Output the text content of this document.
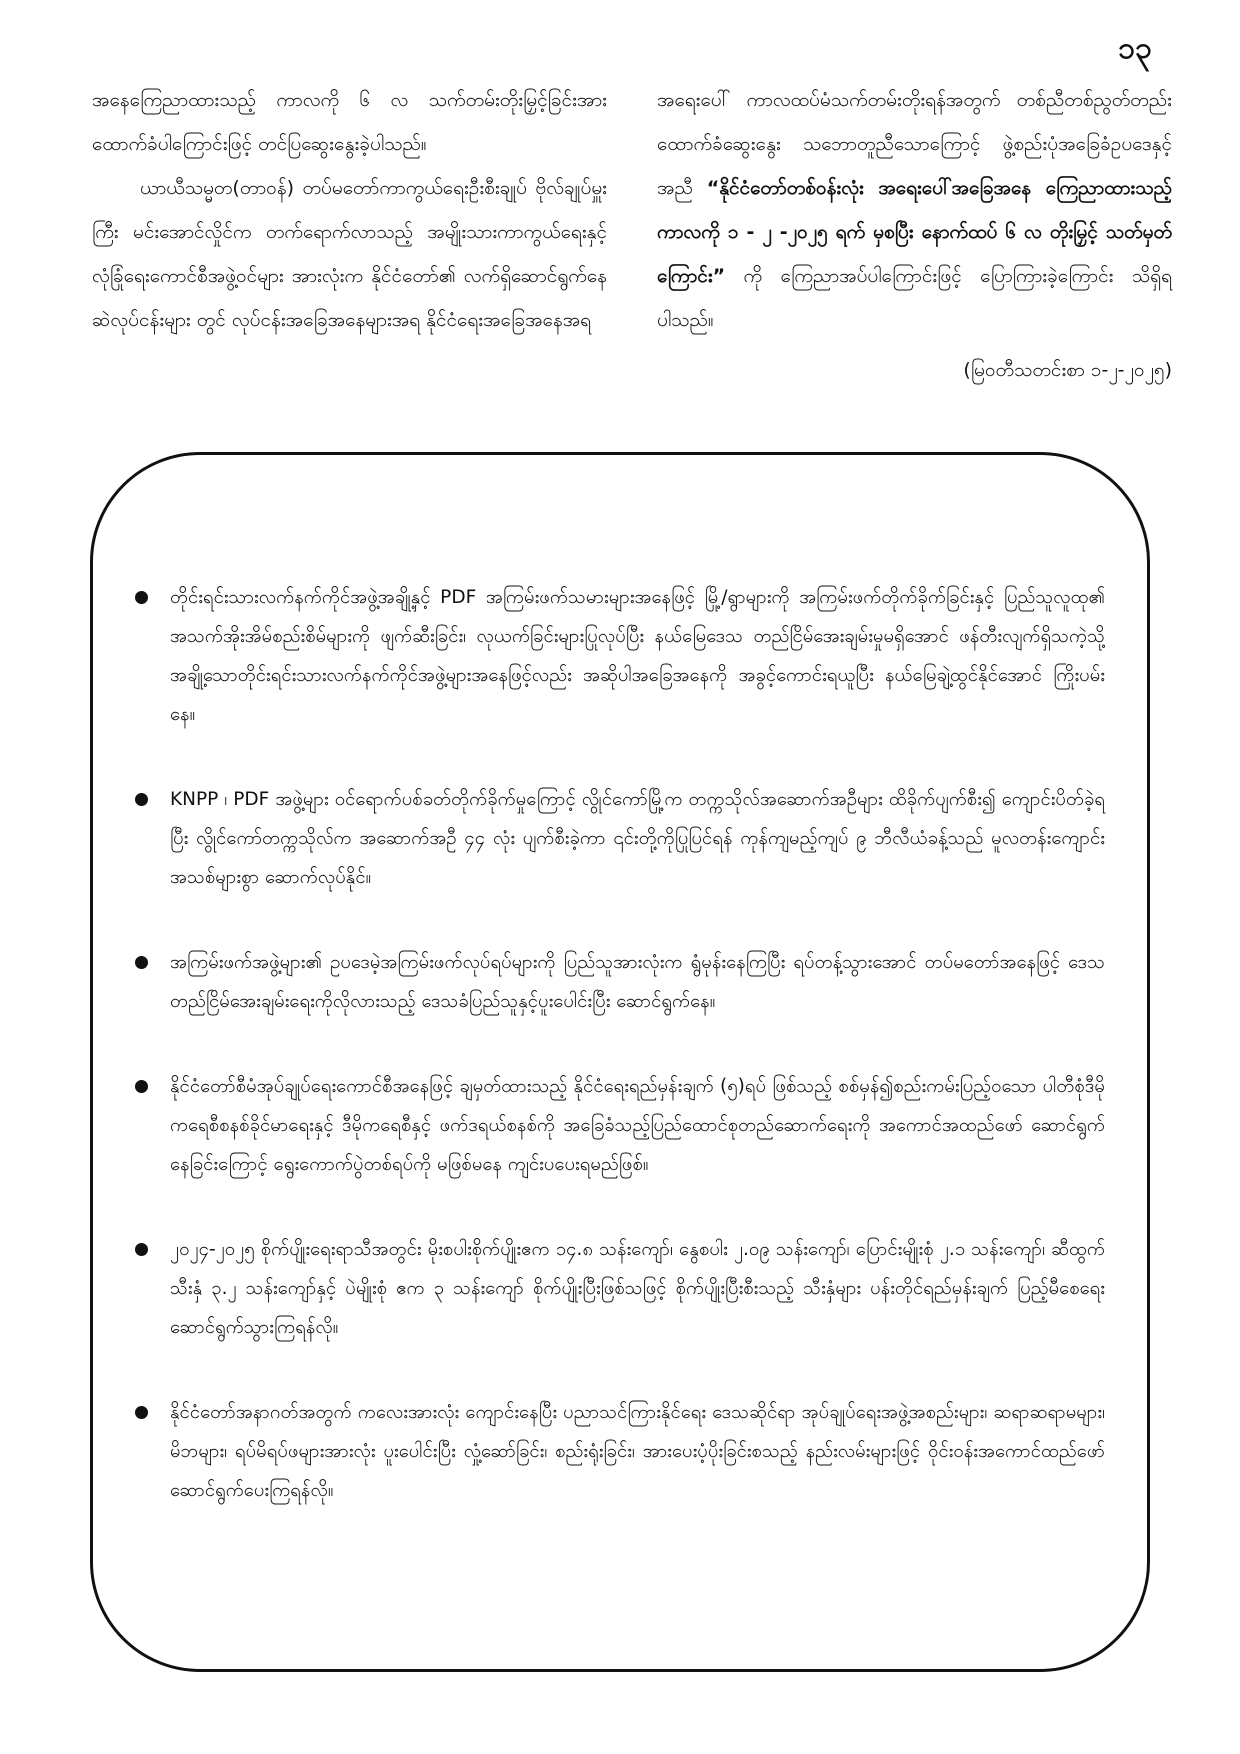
၁၃

အနေကြေညာထားသည့် ကာလကို ၆ လ သက်တမ်းတိုးမြှင့်ခြင်းအား ထောက်ခံပါကြောင်းဖြင့် တင်ပြဆွေးနွေးခဲ့ပါသည်။

ယာယီသမ္မတ(တာဝန်) တပ်မတော်ကာကွယ်ရေးဦးစီးချုပ် ဗိုလ်ချုပ်မှူးကြီး မင်းအောင်လှိုင်က တက်ရောက်လာသည့် အမျိုးသားကာကွယ်ရေးနှင့် လုံခြုံရေးကောင်စီအဖွဲ့ဝင်များ အားလုံးက နိုင်ငံတော်၏ လက်ရှိဆောင်ရွက်နေဆဲလုပ်ငန်းများ တွင် လုပ်ငန်းအခြေအနေများအရ နိုင်ငံရေးအခြေအနေအရ

အရေးပေါ် ကာလထပ်မံသက်တမ်းတိုးရန်အတွက် တစ်ညီတစ်ညွတ်တည်း ထောက်ခံဆွေးနွေး သဘောတူညီသောကြောင့် ဖွဲ့စည်းပုံအခြေခံဥပဒေနှင့်အညီ “နိုင်ငံတော်တစ်ဝန်းလုံး အရေးပေါ်အခြေအနေ ကြေညာထားသည့်ကာလကို ၁ - ၂ -၂၀၂၅ ရက် မှစပြီး နောက်ထပ် ၆ လ တိုးမြှင့် သတ်မှတ်ကြောင်း” ကို ကြေညာအပ်ပါကြောင်းဖြင့် ပြောကြားခဲ့ကြောင်း သိရှိရပါသည်။

(မြဝတီသတင်းစာ ၁-၂-၂၀၂၅)

တိုင်းရင်းသားလက်နက်ကိုင်အဖွဲ့အချို့နှင့် PDF အကြမ်းဖက်သမားများအနေဖြင့် မြို့/ရွာများကို အကြမ်းဖက်တိုက်ခိုက်ခြင်းနှင့် ပြည်သူလူထု၏ အသက်အိုးအိမ်စည်းစိမ်များကို ဖျက်ဆီးခြင်း၊ လုယက်ခြင်းများပြုလုပ်ပြီး နယ်မြေဒေသ တည်ငြိမ်အေးချမ်းမှုမရှိအောင် ဖန်တီးလျက်ရှိသကဲ့သို့ အချို့သောတိုင်းရင်းသားလက်နက်ကိုင်အဖွဲ့များအနေဖြင့်လည်း အဆိုပါအခြေအနေကို အခွင့်ကောင်းရယူပြီး နယ်မြေချဲ့ထွင်နိုင်အောင် ကြိုးပမ်းနေ။
KNPP ၊ PDF အဖွဲ့များ ဝင်ရောက်ပစ်ခတ်တိုက်ခိုက်မှုကြောင့် လွိုင်ကော်မြို့က တက္ကသိုလ်အဆောက်အဦများ ထိခိုက်ပျက်စီး၍ ကျောင်းပိတ်ခဲ့ရပြီး လွိုင်ကော်တက္ကသိုလ်က အဆောက်အဦ ၄၄ လုံး ပျက်စီးခဲ့ကာ ၎င်းတို့ကိုပြုပြင်ရန် ကုန်ကျမည့်ကျပ် ၉ ဘီလီယံခန့်သည် မူလတန်းကျောင်းအသစ်များစွာ ဆောက်လုပ်နိုင်။
အကြမ်းဖက်အဖွဲ့များ၏ ဥပဒေမဲ့အကြမ်းဖက်လုပ်ရပ်များကို ပြည်သူအားလုံးက ရွံမုန်းနေကြပြီး ရပ်တန့်သွားအောင် တပ်မတော်အနေဖြင့် ဒေသတည်ငြိမ်အေးချမ်းရေးကိုလိုလားသည့် ဒေသခံပြည်သူနှင့်ပူးပေါင်းပြီး ဆောင်ရွက်နေ။
နိုင်ငံတော်စီမံအုပ်ချုပ်ရေးကောင်စီအနေဖြင့် ချမှတ်ထားသည့် နိုင်ငံရေးရည်မှန်းချက် (၅)ရပ် ဖြစ်သည့် စစ်မှန်၍စည်းကမ်းပြည့်ဝသော ပါတီစုံဒီမိုကရေစီစနစ်ခိုင်မာရေးနှင့် ဒီမိုကရေစီနှင့် ဖက်ဒရယ်စနစ်ကို အခြေခံသည့်ပြည်ထောင်စုတည်ဆောက်ရေးကို အကောင်အထည်ဖော် ဆောင်ရွက်နေခြင်းကြောင့် ရွေးကောက်ပွဲတစ်ရပ်ကို မဖြစ်မနေ ကျင်းပပေးရမည်ဖြစ်။
၂၀၂၄-၂၀၂၅ စိုက်ပျိုးရေးရာသီအတွင်း မိုးစပါးစိုက်ပျိုးဧက ၁၄.၈ သန်းကျော်၊ နွေစပါး ၂.၀၉ သန်းကျော်၊ ပြောင်းမျိုးစုံ ၂.၁ သန်းကျော်၊ ဆီထွက်သီးနှံ ၃.၂ သန်းကျော်နှင့် ပဲမျိုးစုံ ဧက ၃ သန်းကျော် စိုက်ပျိုးပြီးဖြစ်သဖြင့် စိုက်ပျိုးပြီးစီးသည့် သီးနှံများ ပန်းတိုင်ရည်မှန်းချက် ပြည့်မီစေရေး ဆောင်ရွက်သွားကြရန်လို။
နိုင်ငံတော်အနာဂတ်အတွက် ကလေးအားလုံး ကျောင်းနေပြီး ပညာသင်ကြားနိုင်ရေး ဒေသဆိုင်ရာ အုပ်ချုပ်ရေးအဖွဲ့အစည်းများ၊ ဆရာဆရာမများ၊ မိဘများ၊ ရပ်မိရပ်ဖများအားလုံး ပူးပေါင်းပြီး လှုံ့ဆော်ခြင်း၊ စည်းရုံးခြင်း၊ အားပေးပံ့ပိုးခြင်းစသည့် နည်းလမ်းများဖြင့် ဝိုင်းဝန်းအကောင်ထည်ဖော် ဆောင်ရွက်ပေးကြရန်လို။
